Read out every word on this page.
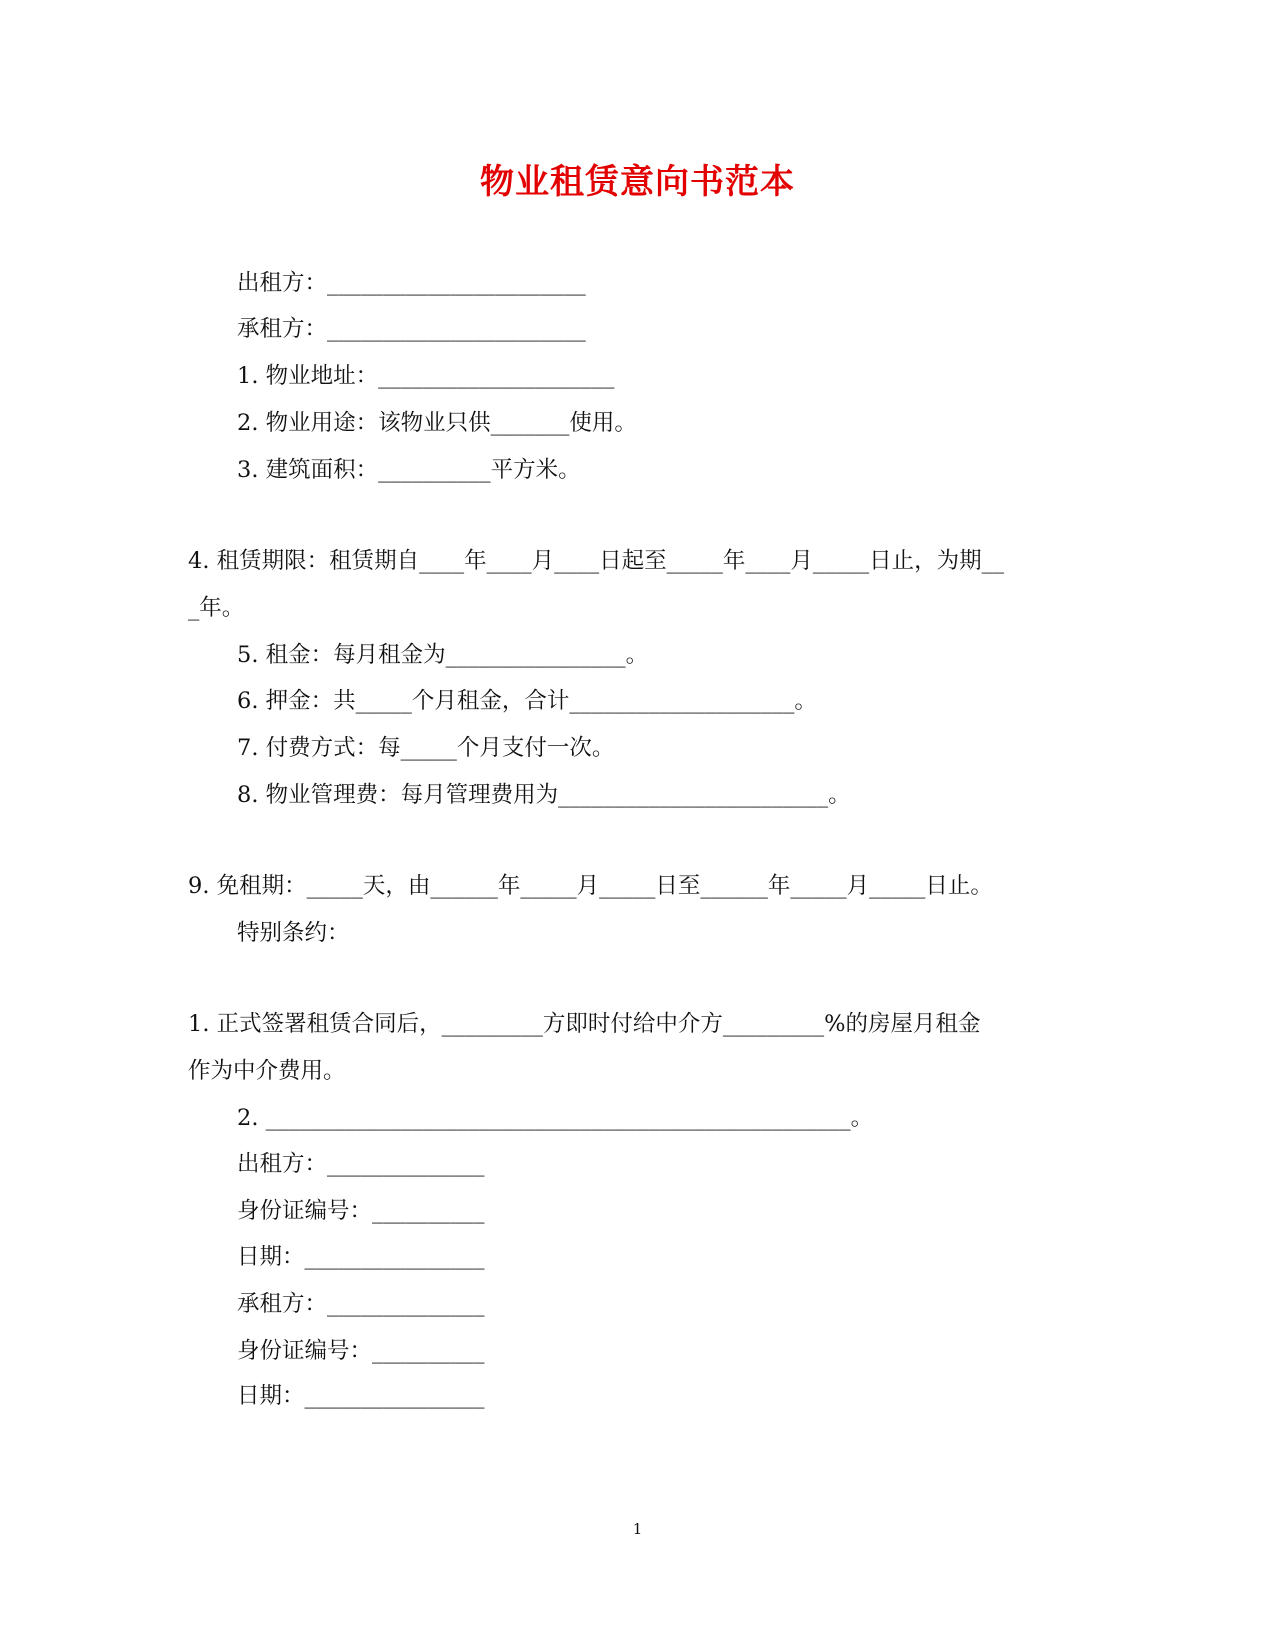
物业租赁意向书范本
出租方：_______________________
承租方：_______________________
1. 物业地址：_____________________
2. 物业用途：该物业只供_______使用。
3. 建筑面积：__________平方米。
4. 租赁期限：租赁期自____年____月____日起至_____年____月_____日止，为期__
_年。
5. 租金：每月租金为________________。
6. 押金：共_____个月租金，合计____________________。
7. 付费方式：每_____个月支付一次。
8. 物业管理费：每月管理费用为________________________。
9. 免租期：_____天，由______年_____月_____日至______年_____月_____日止。
特别条约：
1. 正式签署租赁合同后，_________方即时付给中介方_________%的房屋月租金
作为中介费用。
2. ____________________________________________________。
出租方：______________
身份证编号：__________
日期：________________
承租方：______________
身份证编号：__________
日期：________________
1
